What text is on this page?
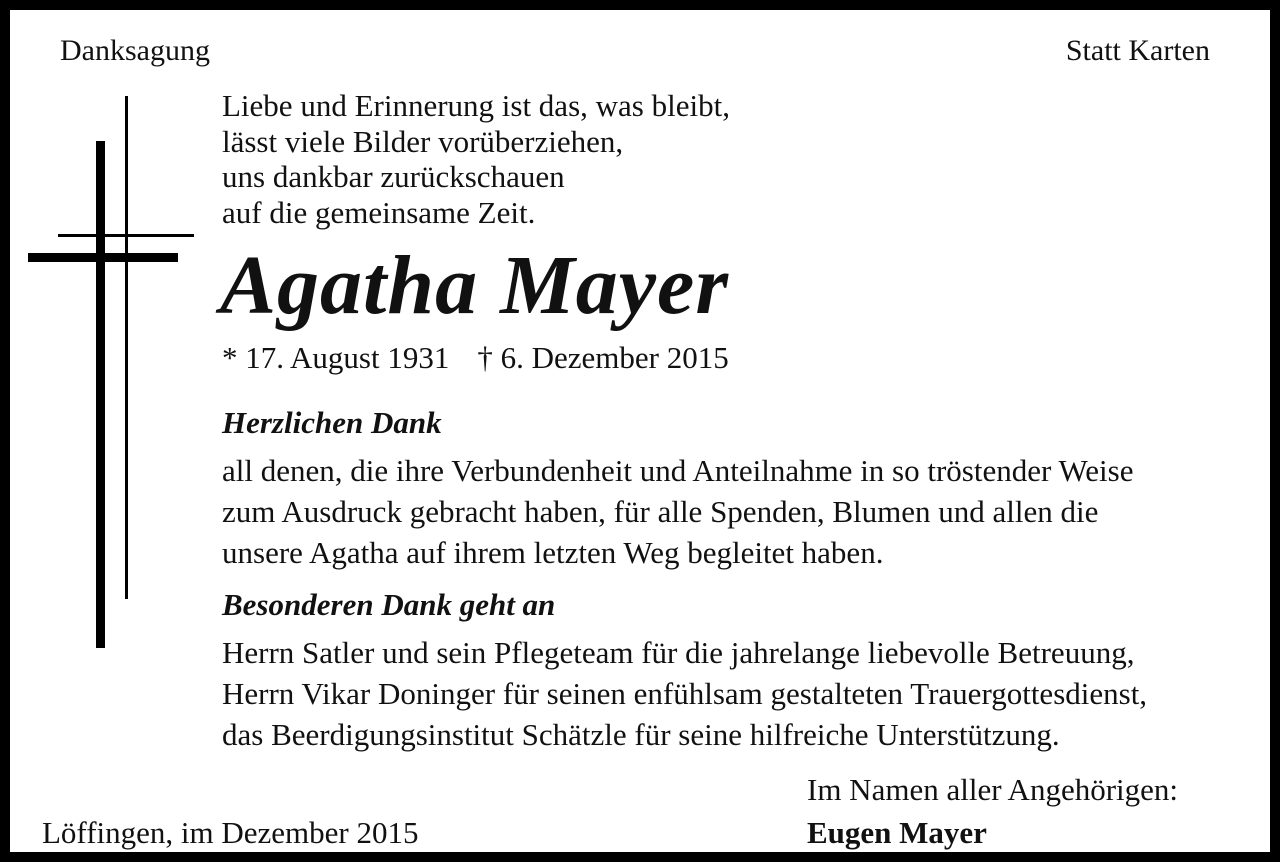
Danksagung	Statt Karten
Liebe und Erinnerung ist das, was bleibt,
lässt viele Bilder vorüberziehen,
uns dankbar zurückschauen
auf die gemeinsame Zeit.
Agatha Mayer
* 17. August 1931 † 6. Dezember 2015
Herzlichen Dank
all denen, die ihre Verbundenheit und Anteilnahme in so tröstender Weise
zum Ausdruck gebracht haben, für alle Spenden, Blumen und allen die
unsere Agatha auf ihrem letzten Weg begleitet haben.
Besonderen Dank geht an
Herrn Satler und sein Pflegeteam für die jahrelange liebevolle Betreuung,
Herrn Vikar Doninger für seinen enfühlsam gestalteten Trauergottesdienst,
das Beerdigungsinstitut Schätzle für seine hilfreiche Unterstützung.
Im Namen aller Angehörigen:
Löffingen, im Dezember 2015	Eugen Mayer
